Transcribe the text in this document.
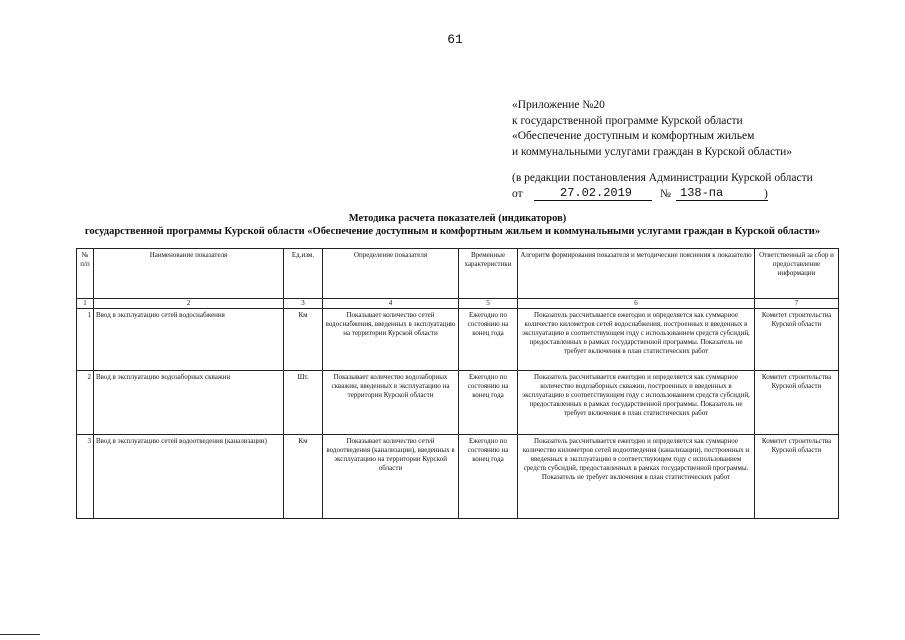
61
«Приложение №20
к государственной программе Курской области
«Обеспечение доступным и комфортным жильем
и коммунальными услугами граждан в Курской области»
(в редакции постановления Администрации Курской области
от	27.02.2019 № 138-па	)
Методика расчета показателей (индикаторов)
государственной программы Курской области «Обеспечение доступным и комфортным жильем и коммунальными услугами граждан в Курской области»
№ п/п	Наименование показателя	Ед.изм.	Определение показателя	Временные характеристики	Алгоритм формирования показателя и методические пояснения к показателю	Ответственный за сбор и предоставление информации
1	2	3	4	5	6	7
1	Ввод в эксплуатацию сетей водоснабжения	Км	Показывает количество сетей водоснабжения, введенных в эксплуатацию на территории Курской области	Ежегодно по состоянию на конец года	Показатель рассчитывается ежегодно и определяется как суммарное количество километров сетей водоснабжения, построенных и введенных в эксплуатацию в соответствующем году с использованием средств субсидий, предоставленных в рамках государственной программы. Показатель не требует включения в план статистических работ	Комитет строительства Курской области
2	Ввод в эксплуатацию водозаборных скважин	Шт.	Показывает количество водозаборных скважин, введенных в эксплуатацию на территории Курской области	Ежегодно по состоянию на конец года	Показатель рассчитывается ежегодно и определяется как суммарное количество водозаборных скважин, построенных и введенных в эксплуатацию в соответствующем году с использованием средств субсидий, предоставленных в рамках государственной программы. Показатель не требует включения в план статистических работ	Комитет строительства Курской области
3	Ввод в эксплуатацию сетей водоотведения (канализации)	Км	Показывает количество сетей водоотведения (канализации), введенных в эксплуатацию на территории Курской области	Ежегодно по состоянию на конец года	Показатель рассчитывается ежегодно и определяется как суммарное количество километров сетей водоотведения (канализации), построенных и введенных в эксплуатацию в соответствующем году с использованием средств субсидий, предоставленных в рамках государственной программы. Показатель не требует включения в план статистических работ	Комитет строительства Курской области
